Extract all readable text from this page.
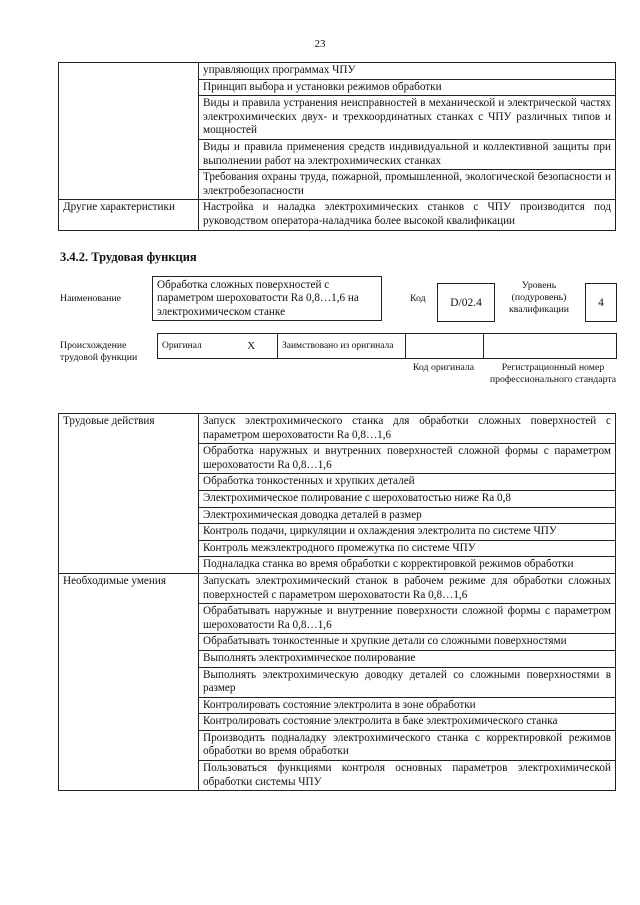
23
	управляющих программах ЧПУ
	Принцип выбора и установки режимов обработки
	Виды и правила устранения неисправностей в механической и электрической частях электрохимических двух- и трехкоординатных станках с ЧПУ различных типов и мощностей
	Виды и правила применения средств индивидуальной и коллективной защиты при выполнении работ на электрохимических станках
	Требования охраны труда, пожарной, промышленной, экологической безопасности и электробезопасности
Другие характеристики	Настройка и наладка электрохимических станков с ЧПУ производится под руководством оператора-наладчика более высокой квалификации
3.4.2. Трудовая функция
Наименование
Обработка сложных поверхностей с параметром шероховатости Ra 0,8…1,6 на электрохимическом станке
Код	D/02.4
Уровень (подуровень) квалификации
4
Происхождение трудовой функции
Оригинал	X	Заимствовано из оригинала		
Код оригинала	Регистрационный номер профессионального стандарта
Трудовые действия	Запуск электрохимического станка для обработки сложных поверхностей с параметром шероховатости Ra 0,8…1,6
	Обработка наружных и внутренних поверхностей сложной формы с параметром шероховатости Ra 0,8…1,6
	Обработка тонкостенных и хрупких деталей
	Электрохимическое полирование с шероховатостью ниже Ra 0,8
	Электрохимическая доводка деталей в размер
	Контроль подачи, циркуляции и охлаждения электролита по системе ЧПУ
	Контроль межэлектродного промежутка по системе ЧПУ
	Подналадка станка во время обработки с корректировкой режимов обработки
Необходимые умения	Запускать электрохимический станок в рабочем режиме для обработки сложных поверхностей с параметром шероховатости Ra 0,8…1,6
	Обрабатывать наружные и внутренние поверхности сложной формы с параметром шероховатости Ra 0,8…1,6
	Обрабатывать тонкостенные и хрупкие детали со сложными поверхностями
	Выполнять электрохимическое полирование
	Выполнять электрохимическую доводку деталей со сложными поверхностями в размер
	Контролировать состояние электролита в зоне обработки
	Контролировать состояние электролита в баке электрохимического станка
	Производить подналадку электрохимического станка с корректировкой режимов обработки во время обработки
	Пользоваться функциями контроля основных параметров электрохимической обработки системы ЧПУ
